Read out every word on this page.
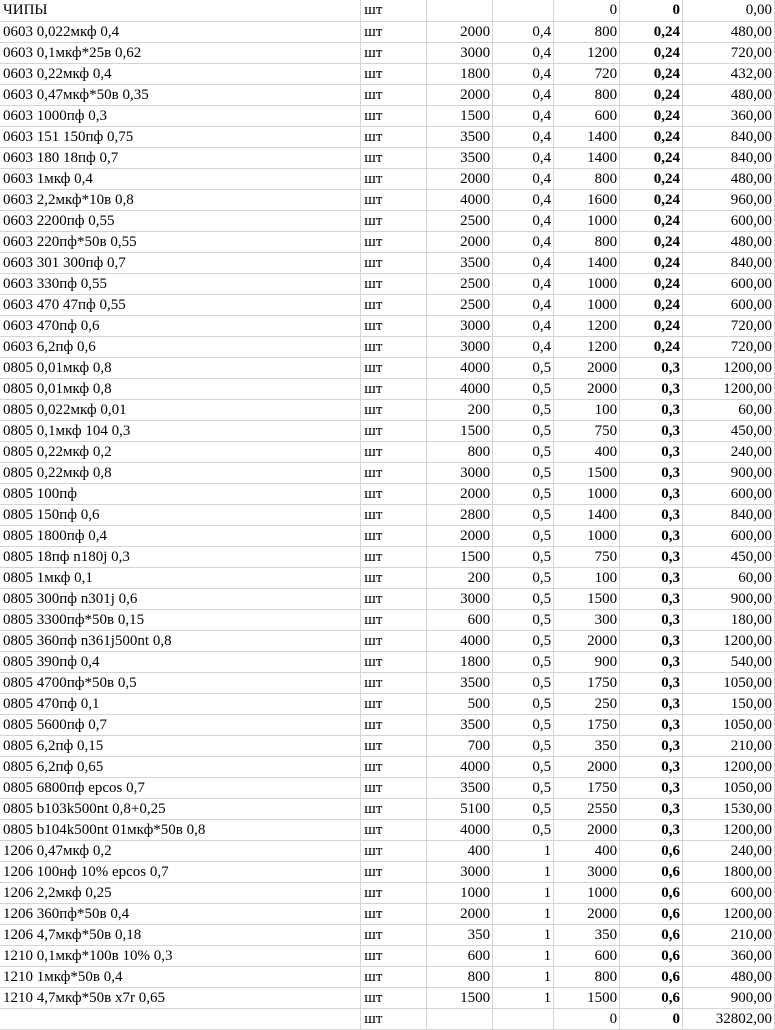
ЧИПЫ	шт			0	0	0,00
0603 0,022мкф 0,4	шт	2000	0,4	800	0,24	480,00
0603 0,1мкф*25в 0,62	шт	3000	0,4	1200	0,24	720,00
0603 0,22мкф 0,4	шт	1800	0,4	720	0,24	432,00
0603 0,47мкф*50в 0,35	шт	2000	0,4	800	0,24	480,00
0603 1000пф 0,3	шт	1500	0,4	600	0,24	360,00
0603 151 150пф 0,75	шт	3500	0,4	1400	0,24	840,00
0603 180 18пф 0,7	шт	3500	0,4	1400	0,24	840,00
0603 1мкф 0,4	шт	2000	0,4	800	0,24	480,00
0603 2,2мкф*10в 0,8	шт	4000	0,4	1600	0,24	960,00
0603 2200пф 0,55	шт	2500	0,4	1000	0,24	600,00
0603 220пф*50в 0,55	шт	2000	0,4	800	0,24	480,00
0603 301 300пф 0,7	шт	3500	0,4	1400	0,24	840,00
0603 330пф 0,55	шт	2500	0,4	1000	0,24	600,00
0603 470 47пф 0,55	шт	2500	0,4	1000	0,24	600,00
0603 470пф 0,6	шт	3000	0,4	1200	0,24	720,00
0603 6,2пф 0,6	шт	3000	0,4	1200	0,24	720,00
0805 0,01мкф 0,8	шт	4000	0,5	2000	0,3	1200,00
0805 0,01мкф 0,8	шт	4000	0,5	2000	0,3	1200,00
0805 0,022мкф 0,01	шт	200	0,5	100	0,3	60,00
0805 0,1мкф 104 0,3	шт	1500	0,5	750	0,3	450,00
0805 0,22мкф 0,2	шт	800	0,5	400	0,3	240,00
0805 0,22мкф 0,8	шт	3000	0,5	1500	0,3	900,00
0805 100пф	шт	2000	0,5	1000	0,3	600,00
0805 150пф 0,6	шт	2800	0,5	1400	0,3	840,00
0805 1800пф 0,4	шт	2000	0,5	1000	0,3	600,00
0805 18пф n180j 0,3	шт	1500	0,5	750	0,3	450,00
0805 1мкф 0,1	шт	200	0,5	100	0,3	60,00
0805 300пф n301j 0,6	шт	3000	0,5	1500	0,3	900,00
0805 3300пф*50в 0,15	шт	600	0,5	300	0,3	180,00
0805 360пф n361j500nt 0,8	шт	4000	0,5	2000	0,3	1200,00
0805 390пф 0,4	шт	1800	0,5	900	0,3	540,00
0805 4700пф*50в 0,5	шт	3500	0,5	1750	0,3	1050,00
0805 470пф 0,1	шт	500	0,5	250	0,3	150,00
0805 5600пф 0,7	шт	3500	0,5	1750	0,3	1050,00
0805 6,2пф 0,15	шт	700	0,5	350	0,3	210,00
0805 6,2пф 0,65	шт	4000	0,5	2000	0,3	1200,00
0805 6800пф epcos 0,7	шт	3500	0,5	1750	0,3	1050,00
0805 b103k500nt 0,8+0,25	шт	5100	0,5	2550	0,3	1530,00
0805 b104k500nt 01мкф*50в 0,8	шт	4000	0,5	2000	0,3	1200,00
1206 0,47мкф 0,2	шт	400	1	400	0,6	240,00
1206 100нф 10% epcos 0,7	шт	3000	1	3000	0,6	1800,00
1206 2,2мкф 0,25	шт	1000	1	1000	0,6	600,00
1206 360пф*50в 0,4	шт	2000	1	2000	0,6	1200,00
1206 4,7мкф*50в 0,18	шт	350	1	350	0,6	210,00
1210 0,1мкф*100в 10% 0,3	шт	600	1	600	0,6	360,00
1210 1мкф*50в 0,4	шт	800	1	800	0,6	480,00
1210 4,7мкф*50в x7r 0,65	шт	1500	1	1500	0,6	900,00
	шт			0	0	32802,00
